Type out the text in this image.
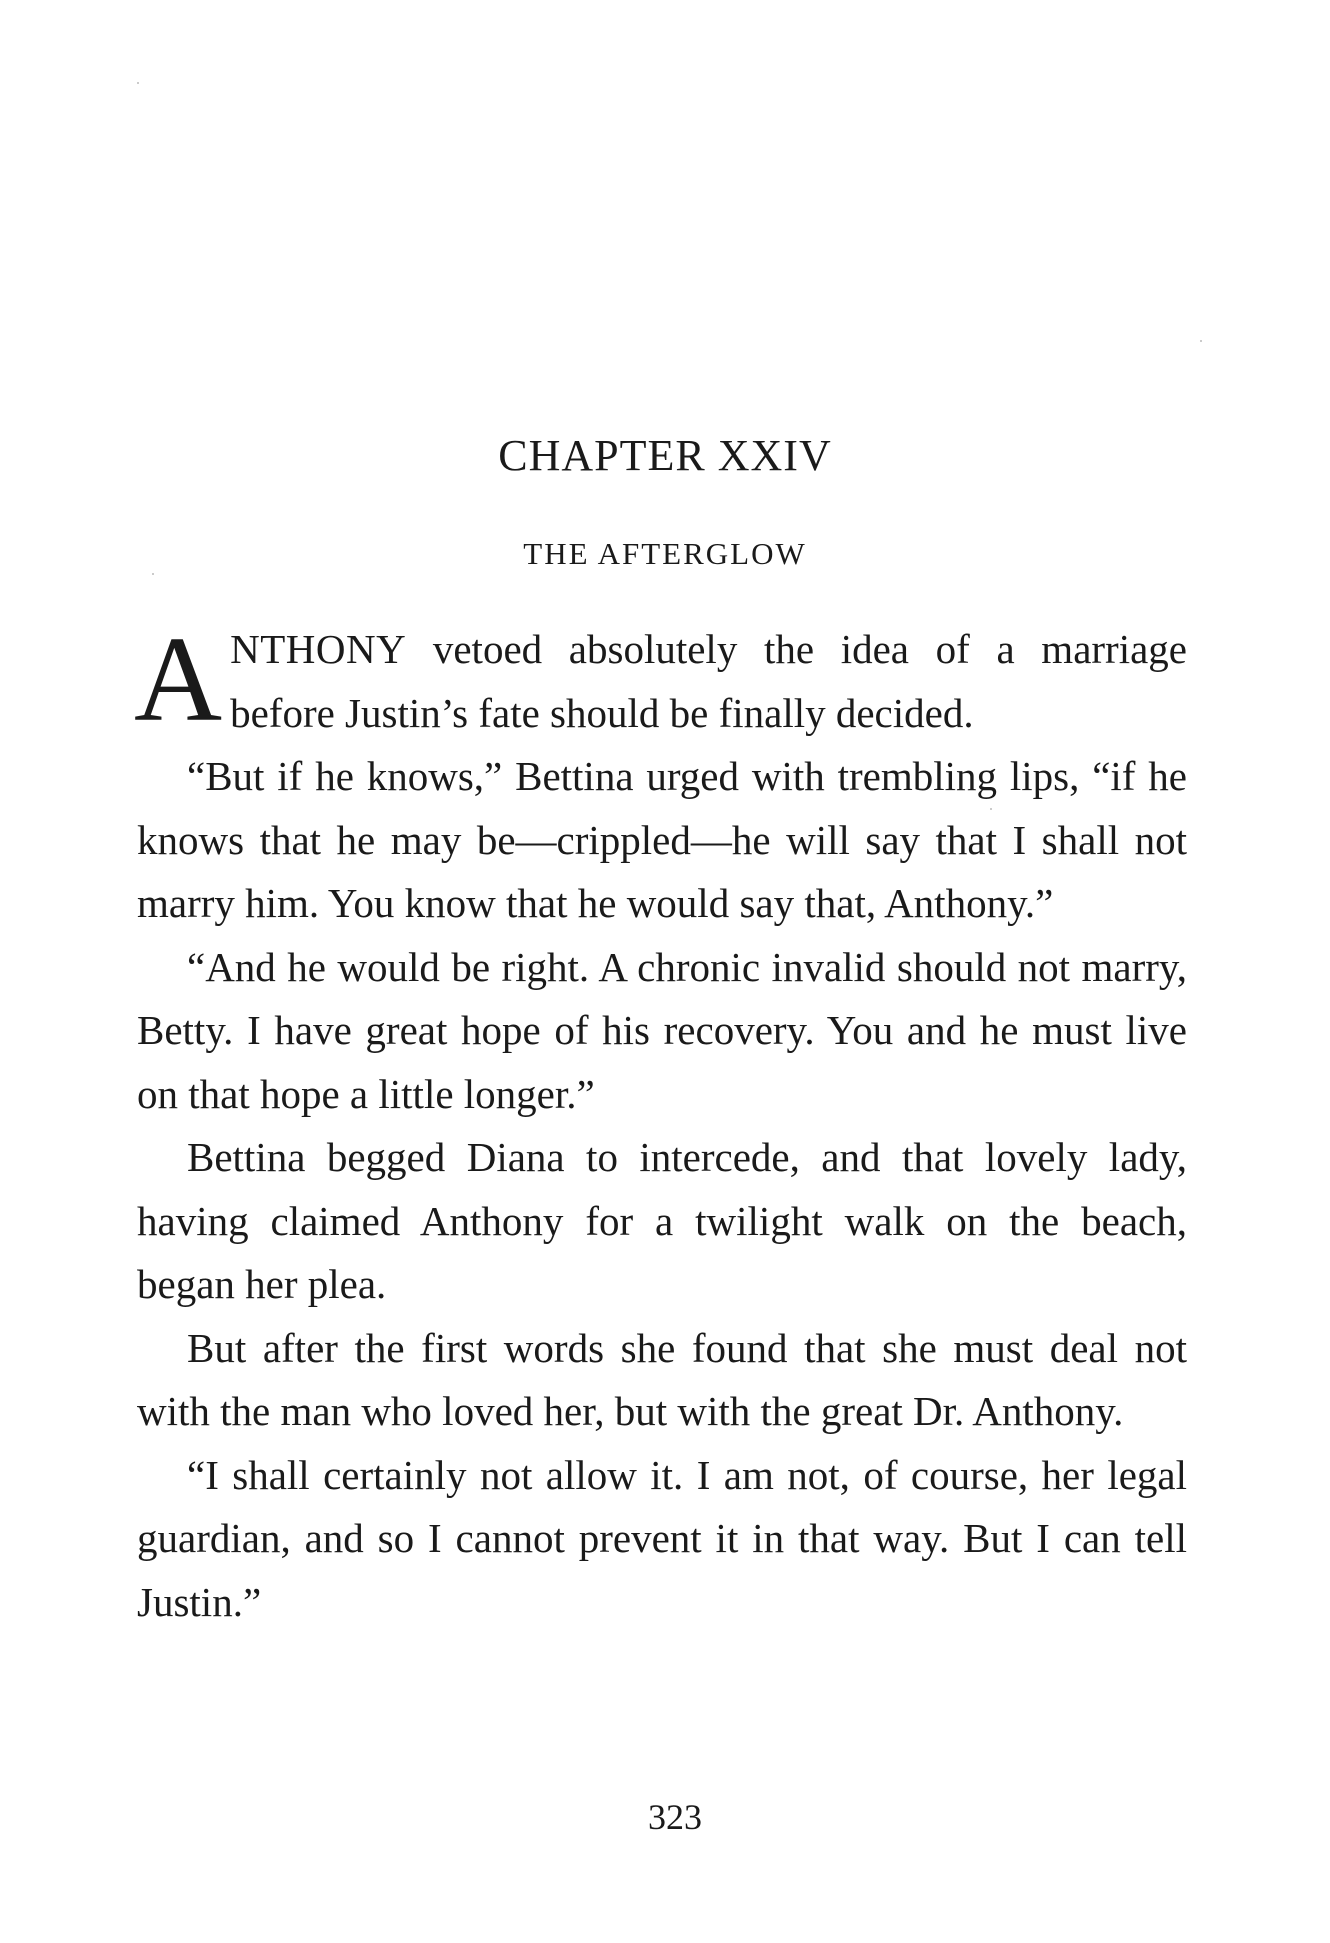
CHAPTER XXIV
THE AFTERGLOW

ANTHONY vetoed absolutely the idea of a marriage before Justin’s fate should be finally decided.

“But if he knows,” Bettina urged with trembling lips, “if he knows that he may be—crippled—he will say that I shall not marry him. You know that he would say that, Anthony.”

“And he would be right. A chronic invalid should not marry, Betty. I have great hope of his recovery. You and he must live on that hope a little longer.”

Bettina begged Diana to intercede, and that lovely lady, having claimed Anthony for a twilight walk on the beach, began her plea.

But after the first words she found that she must deal not with the man who loved her, but with the great Dr. Anthony.

“I shall certainly not allow it. I am not, of course, her legal guardian, and so I cannot prevent it in that way. But I can tell Justin.”

323
